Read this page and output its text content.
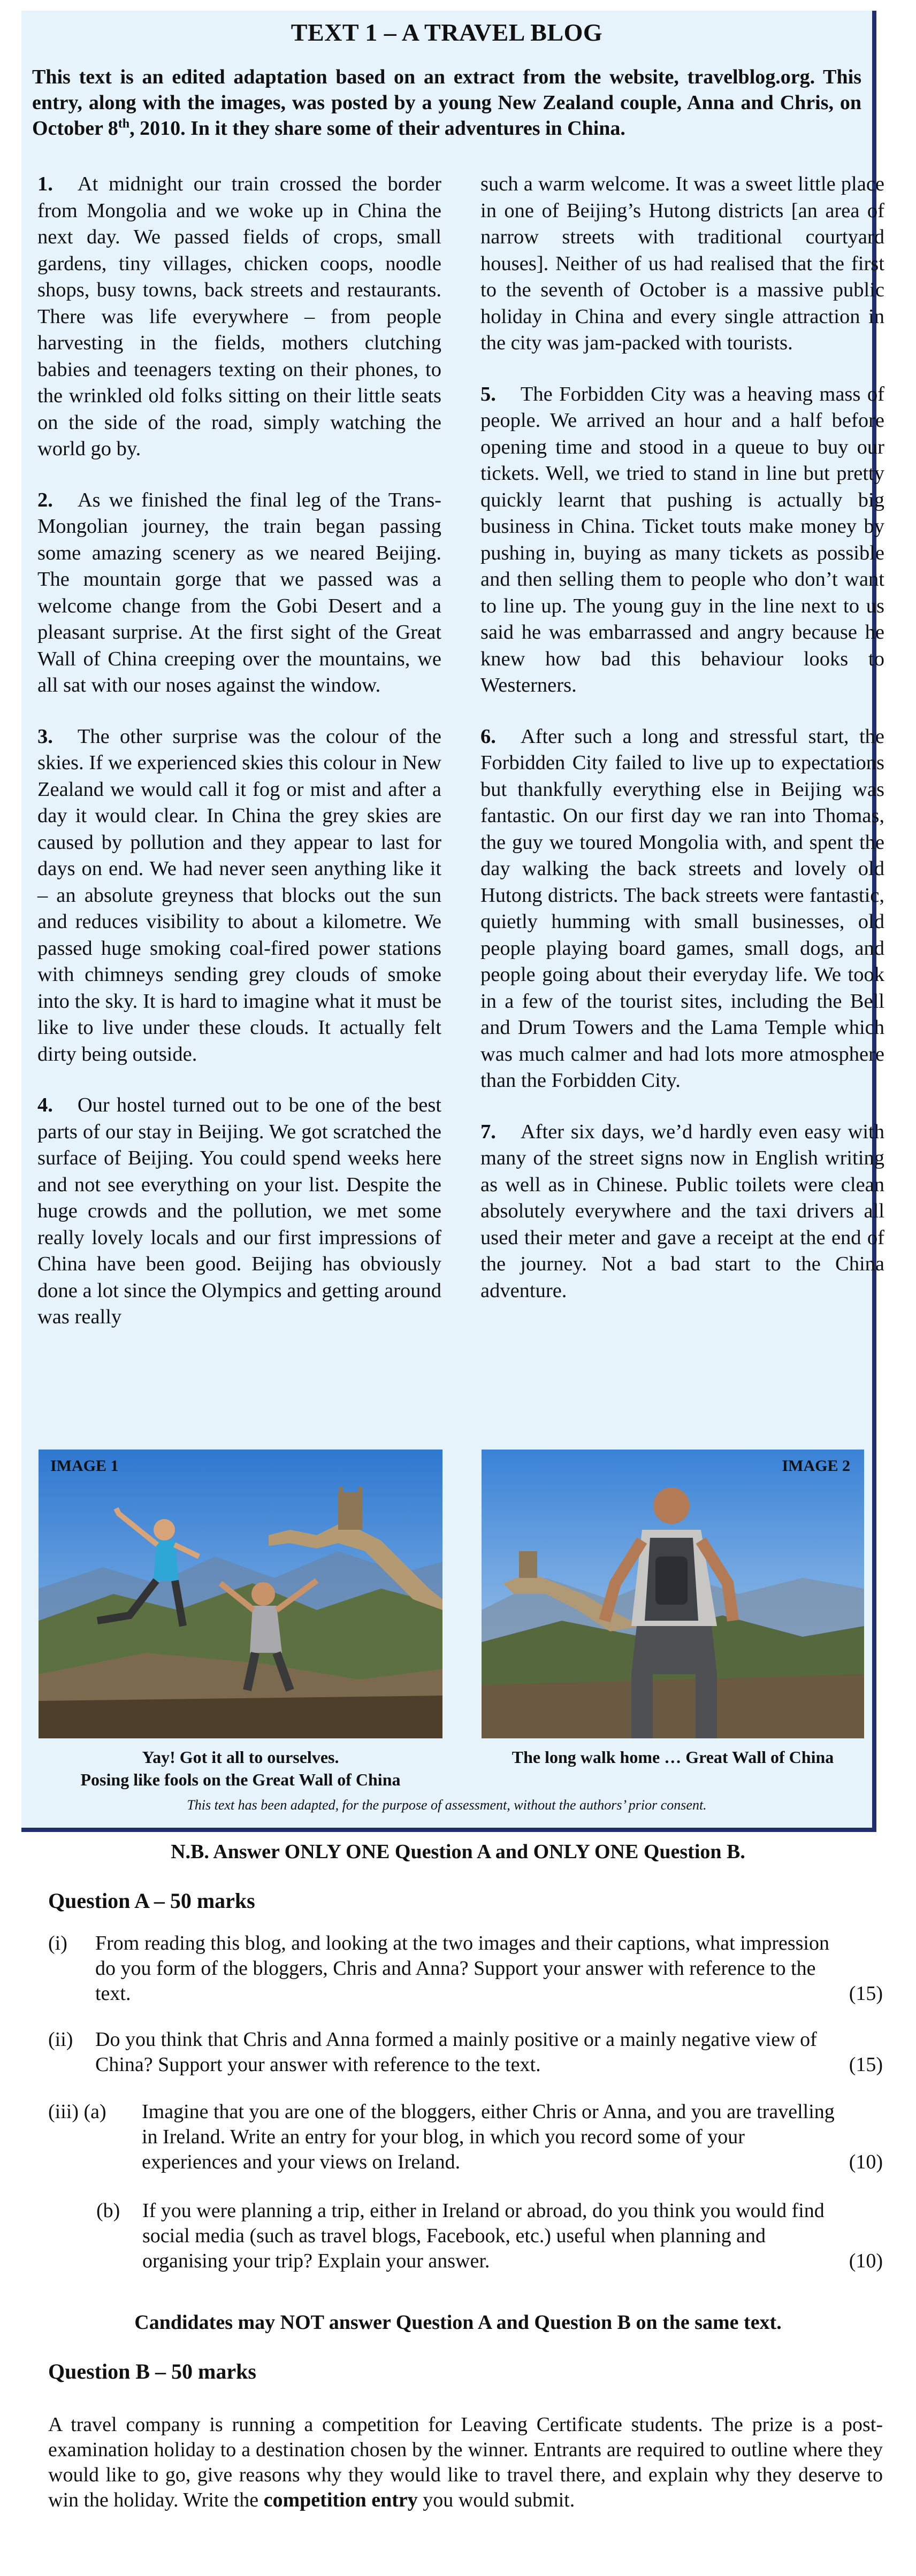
TEXT 1 – A TRAVEL BLOG
This text is an edited adaptation based on an extract from the website, travelblog.org. This entry, along with the images, was posted by a young New Zealand couple, Anna and Chris, on October 8th, 2010. In it they share some of their adventures in China.

1. At midnight our train crossed the border from Mongolia and we woke up in China the next day. We passed fields of crops, small gardens, tiny villages, chicken coops, noodle shops, busy towns, back streets and restaurants. There was life everywhere – from people harvesting in the fields, mothers clutching babies and teenagers texting on their phones, to the wrinkled old folks sitting on their little seats on the side of the road, simply watching the world go by.

2. As we finished the final leg of the Trans-Mongolian journey, the train began passing some amazing scenery as we neared Beijing. The mountain gorge that we passed was a welcome change from the Gobi Desert and a pleasant surprise. At the first sight of the Great Wall of China creeping over the mountains, we all sat with our noses against the window.

3. The other surprise was the colour of the skies. If we experienced skies this colour in New Zealand we would call it fog or mist and after a day it would clear. In China the grey skies are caused by pollution and they appear to last for days on end. We had never seen anything like it – an absolute greyness that blocks out the sun and reduces visibility to about a kilometre. We passed huge smoking coal-fired power stations with chimneys sending grey clouds of smoke into the sky. It is hard to imagine what it must be like to live under these clouds. It actually felt dirty being outside.

4. Our hostel turned out to be one of the best parts of our stay in Beijing. We got scratched the surface of Beijing. You could spend weeks here and not see everything on your list. Despite the huge crowds and the pollution, we met some really lovely locals and our first impressions of China have been good. Beijing has obviously done a lot since the Olympics and getting around was really

such a warm welcome. It was a sweet little place in one of Beijing’s Hutong districts [an area of narrow streets with traditional courtyard houses]. Neither of us had realised that the first to the seventh of October is a massive public holiday in China and every single attraction in the city was jam-packed with tourists.

5. The Forbidden City was a heaving mass of people. We arrived an hour and a half before opening time and stood in a queue to buy our tickets. Well, we tried to stand in line but pretty quickly learnt that pushing is actually big business in China. Ticket touts make money by pushing in, buying as many tickets as possible and then selling them to people who don’t want to line up. The young guy in the line next to us said he was embarrassed and angry because he knew how bad this behaviour looks to Westerners.

6. After such a long and stressful start, the Forbidden City failed to live up to expectations but thankfully everything else in Beijing was fantastic. On our first day we ran into Thomas, the guy we toured Mongolia with, and spent the day walking the back streets and lovely old Hutong districts. The back streets were fantastic, quietly humming with small businesses, old people playing board games, small dogs, and people going about their everyday life. We took in a few of the tourist sites, including the Bell and Drum Towers and the Lama Temple which was much calmer and had lots more atmosphere than the Forbidden City.

7. After six days, we’d hardly even easy with many of the street signs now in English writing as well as in Chinese. Public toilets were clean absolutely everywhere and the taxi drivers all used their meter and gave a receipt at the end of the journey. Not a bad start to the China adventure.

IMAGE 1
Yay! Got it all to ourselves.
Posing like fools on the Great Wall of China
IMAGE 2
The long walk home … Great Wall of China
This text has been adapted, for the purpose of assessment, without the authors’ prior consent.
N.B. Answer ONLY ONE Question A and ONLY ONE Question B.
Question A – 50 marks
(i) From reading this blog, and looking at the two images and their captions, what impression do you form of the bloggers, Chris and Anna? Support your answer with reference to the text.	(15)
(ii) Do you think that Chris and Anna formed a mainly positive or a mainly negative view of China? Support your answer with reference to the text.	(15)
(iii) (a) Imagine that you are one of the bloggers, either Chris or Anna, and you are travelling in Ireland. Write an entry for your blog, in which you record some of your experiences and your views on Ireland.	(10)
(b) If you were planning a trip, either in Ireland or abroad, do you think you would find social media (such as travel blogs, Facebook, etc.) useful when planning and organising your trip? Explain your answer.	(10)
Candidates may NOT answer Question A and Question B on the same text.
Question B – 50 marks
A travel company is running a competition for Leaving Certificate students. The prize is a post-examination holiday to a destination chosen by the winner. Entrants are required to outline where they would like to go, give reasons why they would like to travel there, and explain why they deserve to win the holiday. Write the competition entry you would submit.
